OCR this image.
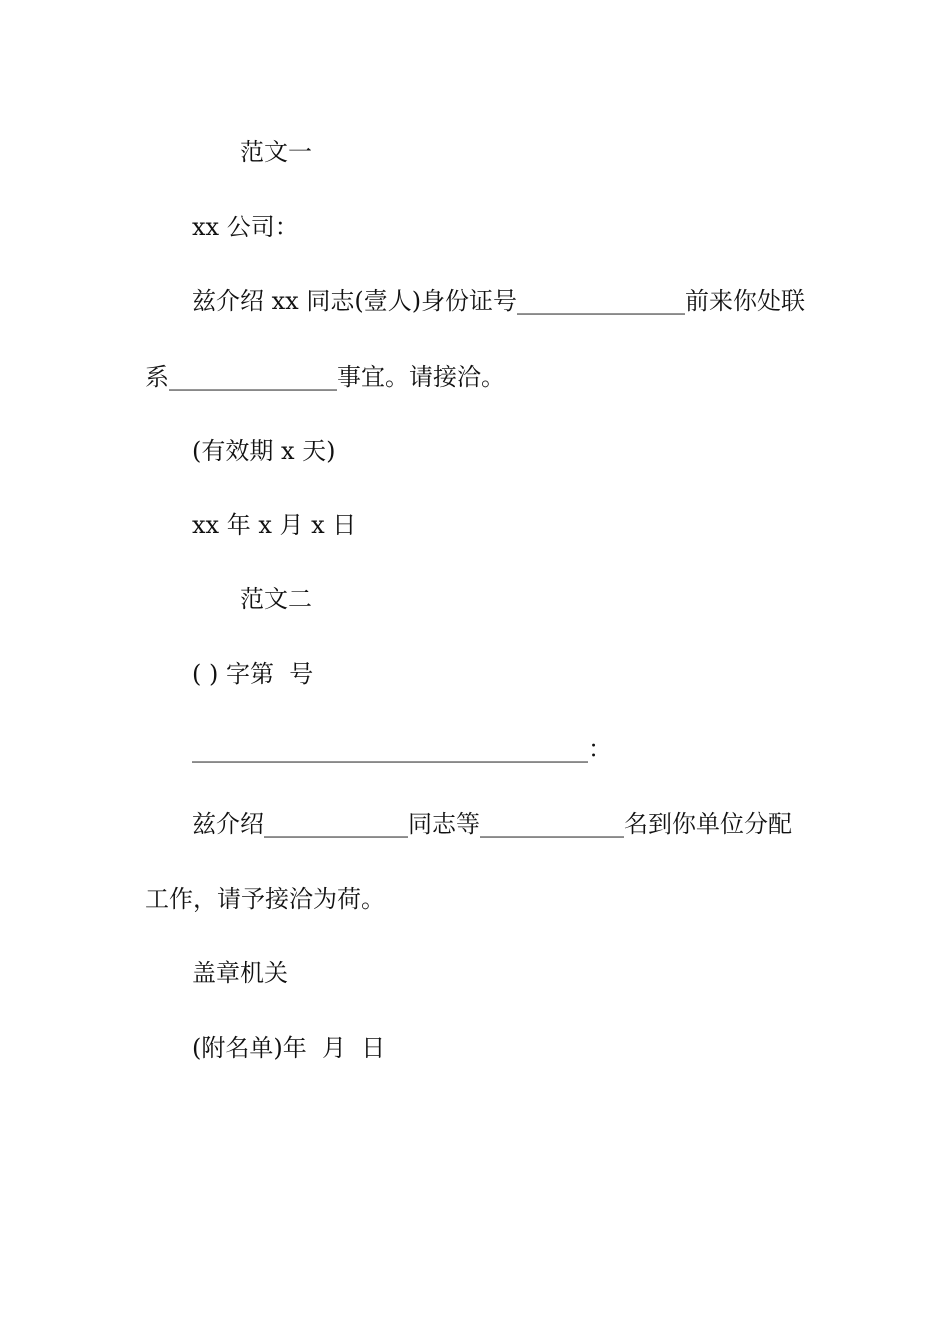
范文一
xx 公司：
兹介绍 xx 同志(壹人)身份证号______________前来你处联
系______________事宜。请接洽。
(有效期 x 天)
xx 年 x 月 x 日
范文二
( ) 字第  号
_________________________________：
兹介绍____________同志等____________名到你单位分配
工作，请予接洽为荷。
盖章机关
(附名单)年  月  日
